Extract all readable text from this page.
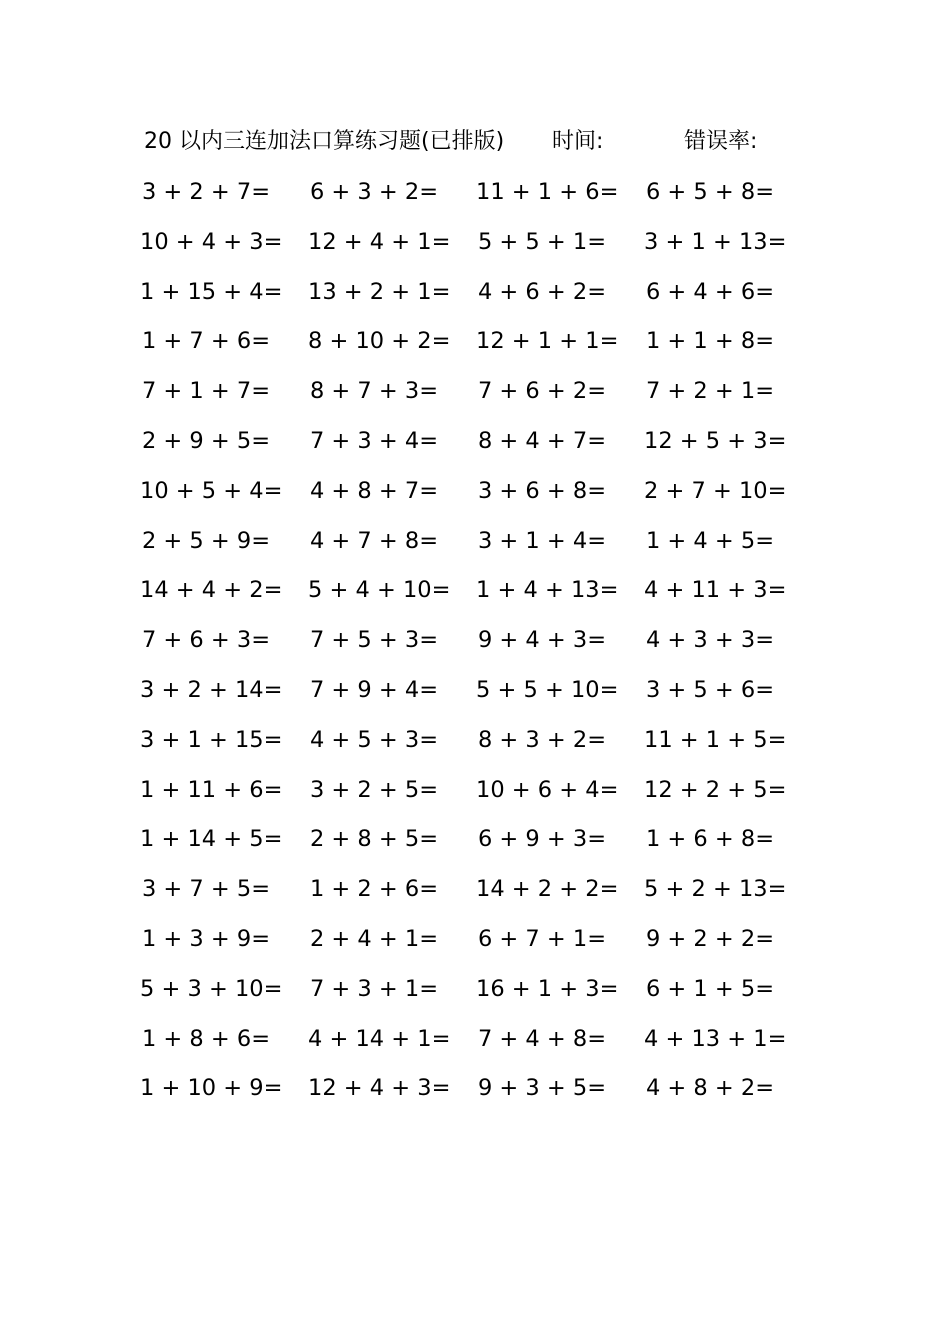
20 以内三连加法口算练习题(已排版) 时间:	错误率:
3 + 2 + 7= 6 + 3 + 2= 11 + 1 + 6= 6 + 5 + 8=
10 + 4 + 3= 12 + 4 + 1= 5 + 5 + 1= 3 + 1 + 13=
1 + 15 + 4= 13 + 2 + 1= 4 + 6 + 2= 6 + 4 + 6=
1 + 7 + 6= 8 + 10 + 2= 12 + 1 + 1= 1 + 1 + 8=
7 + 1 + 7= 8 + 7 + 3= 7 + 6 + 2= 7 + 2 + 1=
2 + 9 + 5= 7 + 3 + 4= 8 + 4 + 7= 12 + 5 + 3=
10 + 5 + 4= 4 + 8 + 7= 3 + 6 + 8= 2 + 7 + 10=
2 + 5 + 9= 4 + 7 + 8= 3 + 1 + 4= 1 + 4 + 5=
14 + 4 + 2= 5 + 4 + 10= 1 + 4 + 13= 4 + 11 + 3=
7 + 6 + 3= 7 + 5 + 3= 9 + 4 + 3= 4 + 3 + 3=
3 + 2 + 14= 7 + 9 + 4= 5 + 5 + 10= 3 + 5 + 6=
3 + 1 + 15= 4 + 5 + 3= 8 + 3 + 2= 11 + 1 + 5=
1 + 11 + 6= 3 + 2 + 5= 10 + 6 + 4= 12 + 2 + 5=
1 + 14 + 5= 2 + 8 + 5= 6 + 9 + 3= 1 + 6 + 8=
3 + 7 + 5= 1 + 2 + 6= 14 + 2 + 2= 5 + 2 + 13=
1 + 3 + 9= 2 + 4 + 1= 6 + 7 + 1= 9 + 2 + 2=
5 + 3 + 10= 7 + 3 + 1= 16 + 1 + 3= 6 + 1 + 5=
1 + 8 + 6= 4 + 14 + 1= 7 + 4 + 8= 4 + 13 + 1=
1 + 10 + 9= 12 + 4 + 3= 9 + 3 + 5= 4 + 8 + 2=
